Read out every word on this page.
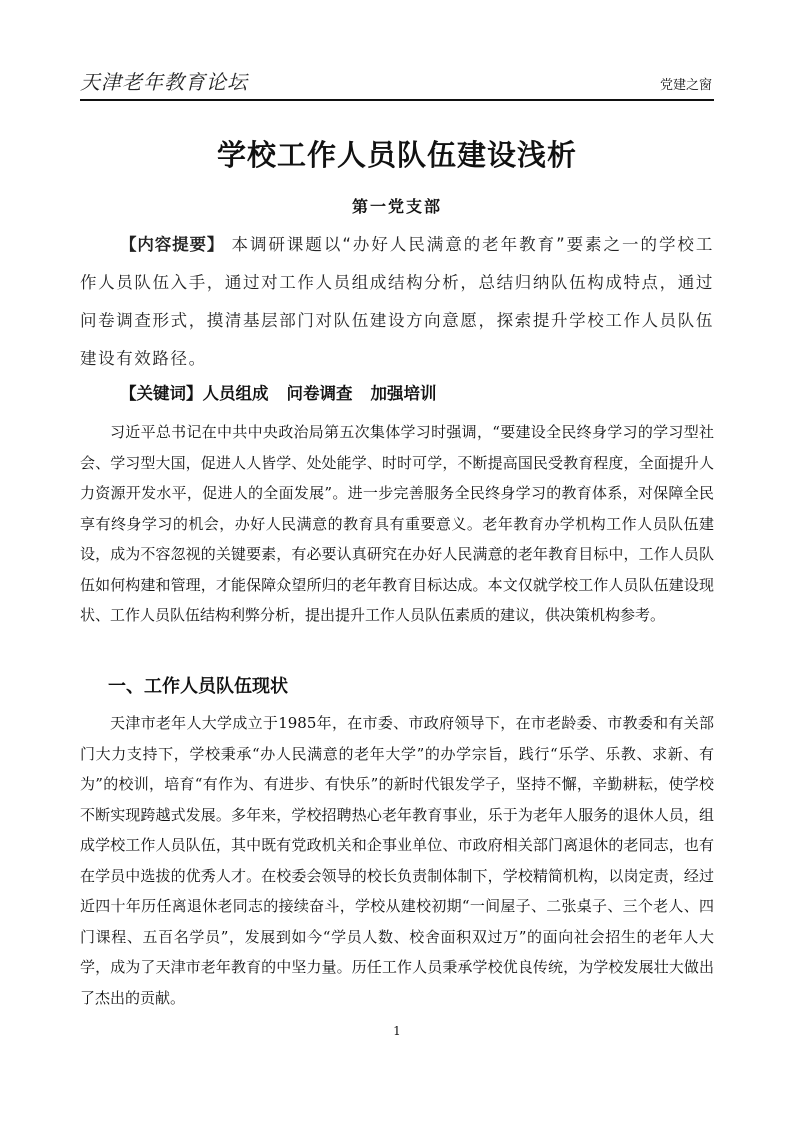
天津老年教育论坛	党建之窗
学校工作人员队伍建设浅析
第一党支部
【内容提要】 本调研课题以“办好人民满意的老年教育”要素之一的学校工作人员队伍入手，通过对工作人员组成结构分析，总结归纳队伍构成特点，通过问卷调查形式，摸清基层部门对队伍建设方向意愿，探索提升学校工作人员队伍建设有效路径。
【关键词】人员组成 问卷调查 加强培训

习近平总书记在中共中央政治局第五次集体学习时强调，“要建设全民终身学习的学习型社会、学习型大国，促进人人皆学、处处能学、时时可学，不断提高国民受教育程度，全面提升人力资源开发水平，促进人的全面发展”。进一步完善服务全民终身学习的教育体系，对保障全民享有终身学习的机会，办好人民满意的教育具有重要意义。老年教育办学机构工作人员队伍建设，成为不容忽视的关键要素，有必要认真研究在办好人民满意的老年教育目标中，工作人员队伍如何构建和管理，才能保障众望所归的老年教育目标达成。本文仅就学校工作人员队伍建设现状、工作人员队伍结构利弊分析，提出提升工作人员队伍素质的建议，供决策机构参考。

一、工作人员队伍现状

天津市老年人大学成立于1985年，在市委、市政府领导下，在市老龄委、市教委和有关部门大力支持下，学校秉承“办人民满意的老年大学”的办学宗旨，践行“乐学、乐教、求新、有为”的校训，培育“有作为、有进步、有快乐”的新时代银发学子，坚持不懈，辛勤耕耘，使学校不断实现跨越式发展。多年来，学校招聘热心老年教育事业，乐于为老年人服务的退休人员，组成学校工作人员队伍，其中既有党政机关和企事业单位、市政府相关部门离退休的老同志，也有在学员中选拔的优秀人才。在校委会领导的校长负责制体制下，学校精简机构，以岗定责，经过近四十年历任离退休老同志的接续奋斗，学校从建校初期“一间屋子、二张桌子、三个老人、四门课程、五百名学员”，发展到如今“学员人数、校舍面积双过万”的面向社会招生的老年人大学，成为了天津市老年教育的中坚力量。历任工作人员秉承学校优良传统，为学校发展壮大做出了杰出的贡献。

1
